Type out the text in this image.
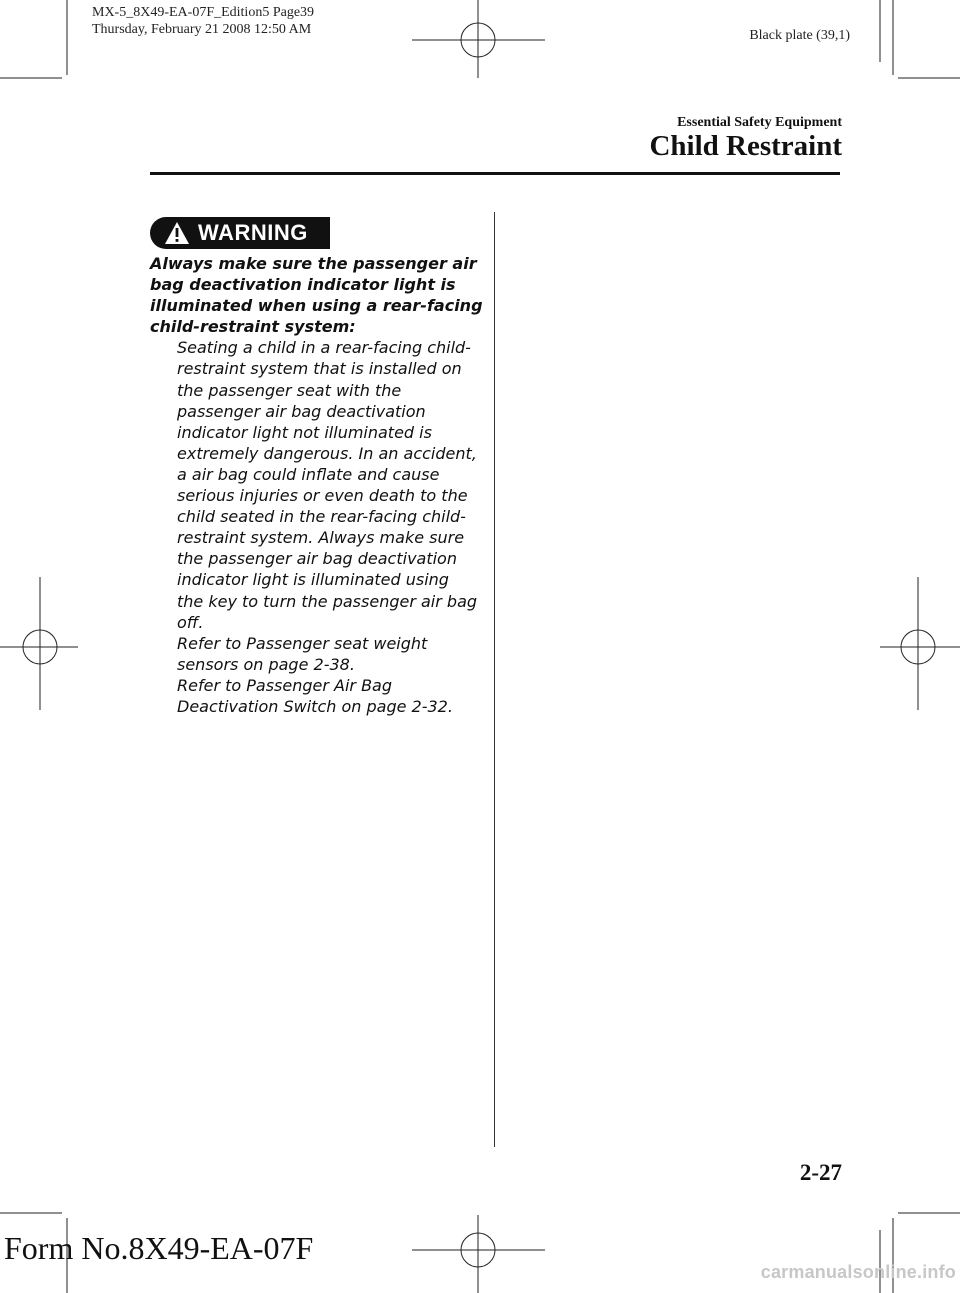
MX-5_8X49-EA-07F_Edition5 Page39
Thursday, February 21 2008 12:50 AM	Black plate (39,1)
Essential Safety Equipment
Child Restraint
WARNING
Always make sure the passenger air
bag deactivation indicator light is
illuminated when using a rear-facing
child-restraint system:
Seating a child in a rear-facing child-
restraint system that is installed on
the passenger seat with the
passenger air bag deactivation
indicator light not illuminated is
extremely dangerous. In an accident,
a air bag could inflate and cause
serious injuries or even death to the
child seated in the rear-facing child-
restraint system. Always make sure
the passenger air bag deactivation
indicator light is illuminated using
the key to turn the passenger air bag
off.
Refer to Passenger seat weight
sensors on page 2-38.
Refer to Passenger Air Bag
Deactivation Switch on page 2-32.
2-27
Form No.8X49-EA-07F
carmanualsonline.info
